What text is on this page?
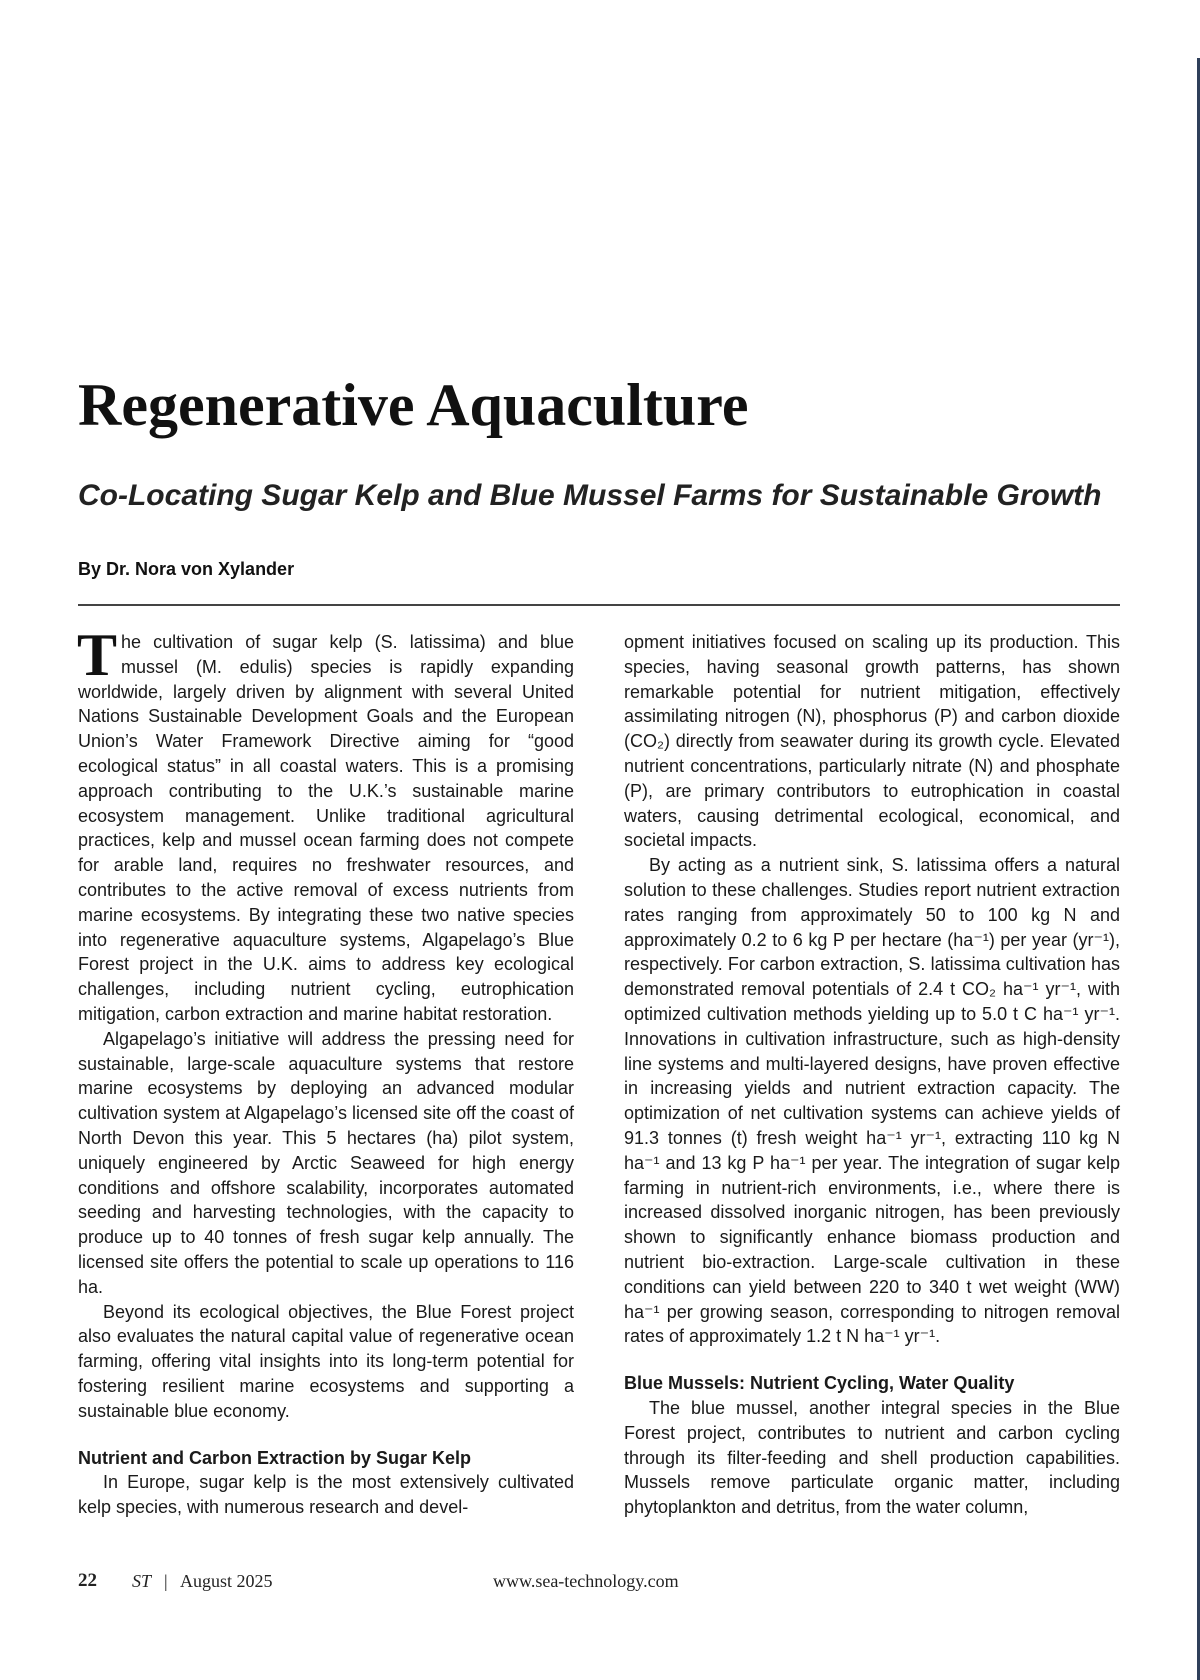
Regenerative Aquaculture
Co-Locating Sugar Kelp and Blue Mussel Farms for Sustainable Growth

By Dr. Nora von Xylander

The cultivation of sugar kelp (S. latissima) and blue mussel (M. edulis) species is rapidly expanding worldwide, largely driven by alignment with several United Nations Sustainable Development Goals and the European Union’s Water Framework Directive aiming for “good ecological status” in all coastal waters. This is a promising approach contributing to the U.K.’s sustainable marine ecosystem management. Unlike traditional agricultural practices, kelp and mussel ocean farming does not compete for arable land, requires no freshwater resources, and contributes to the active removal of excess nutrients from marine ecosystems. By integrating these two native species into regenerative aquaculture systems, Algapelago’s Blue Forest project in the U.K. aims to address key ecological challenges, including nutrient cycling, eutrophication mitigation, carbon extraction and marine habitat restoration.

Algapelago’s initiative will address the pressing need for sustainable, large-scale aquaculture systems that restore marine ecosystems by deploying an advanced modular cultivation system at Algapelago’s licensed site off the coast of North Devon this year. This 5 hectares (ha) pilot system, uniquely engineered by Arctic Seaweed for high energy conditions and offshore scalability, incorporates automated seeding and harvesting technologies, with the capacity to produce up to 40 tonnes of fresh sugar kelp annually. The licensed site offers the potential to scale up operations to 116 ha.

Beyond its ecological objectives, the Blue Forest project also evaluates the natural capital value of regenerative ocean farming, offering vital insights into its long-term potential for fostering resilient marine ecosystems and supporting a sustainable blue economy.

Nutrient and Carbon Extraction by Sugar Kelp

In Europe, sugar kelp is the most extensively cultivated kelp species, with numerous research and devel-

opment initiatives focused on scaling up its production. This species, having seasonal growth patterns, has shown remarkable potential for nutrient mitigation, effectively assimilating nitrogen (N), phosphorus (P) and carbon dioxide (CO₂) directly from seawater during its growth cycle. Elevated nutrient concentrations, particularly nitrate (N) and phosphate (P), are primary contributors to eutrophication in coastal waters, causing detrimental ecological, economical, and societal impacts.

By acting as a nutrient sink, S. latissima offers a natural solution to these challenges. Studies report nutrient extraction rates ranging from approximately 50 to 100 kg N and approximately 0.2 to 6 kg P per hectare (ha⁻¹) per year (yr⁻¹), respectively. For carbon extraction, S. latissima cultivation has demonstrated removal potentials of 2.4 t CO₂ ha⁻¹ yr⁻¹, with optimized cultivation methods yielding up to 5.0 t C ha⁻¹ yr⁻¹. Innovations in cultivation infrastructure, such as high-density line systems and multi-layered designs, have proven effective in increasing yields and nutrient extraction capacity. The optimization of net cultivation systems can achieve yields of 91.3 tonnes (t) fresh weight ha⁻¹ yr⁻¹, extracting 110 kg N ha⁻¹ and 13 kg P ha⁻¹ per year. The integration of sugar kelp farming in nutrient-rich environments, i.e., where there is increased dissolved inorganic nitrogen, has been previously shown to significantly enhance biomass production and nutrient bio-extraction. Large-scale cultivation in these conditions can yield between 220 to 340 t wet weight (WW) ha⁻¹ per growing season, corresponding to nitrogen removal rates of approximately 1.2 t N ha⁻¹ yr⁻¹.

Blue Mussels: Nutrient Cycling, Water Quality

The blue mussel, another integral species in the Blue Forest project, contributes to nutrient and carbon cycling through its filter-feeding and shell production capabilities. Mussels remove particulate organic matter, including phytoplankton and detritus, from the water column,

22 ST | August 2025	www.sea-technology.com
